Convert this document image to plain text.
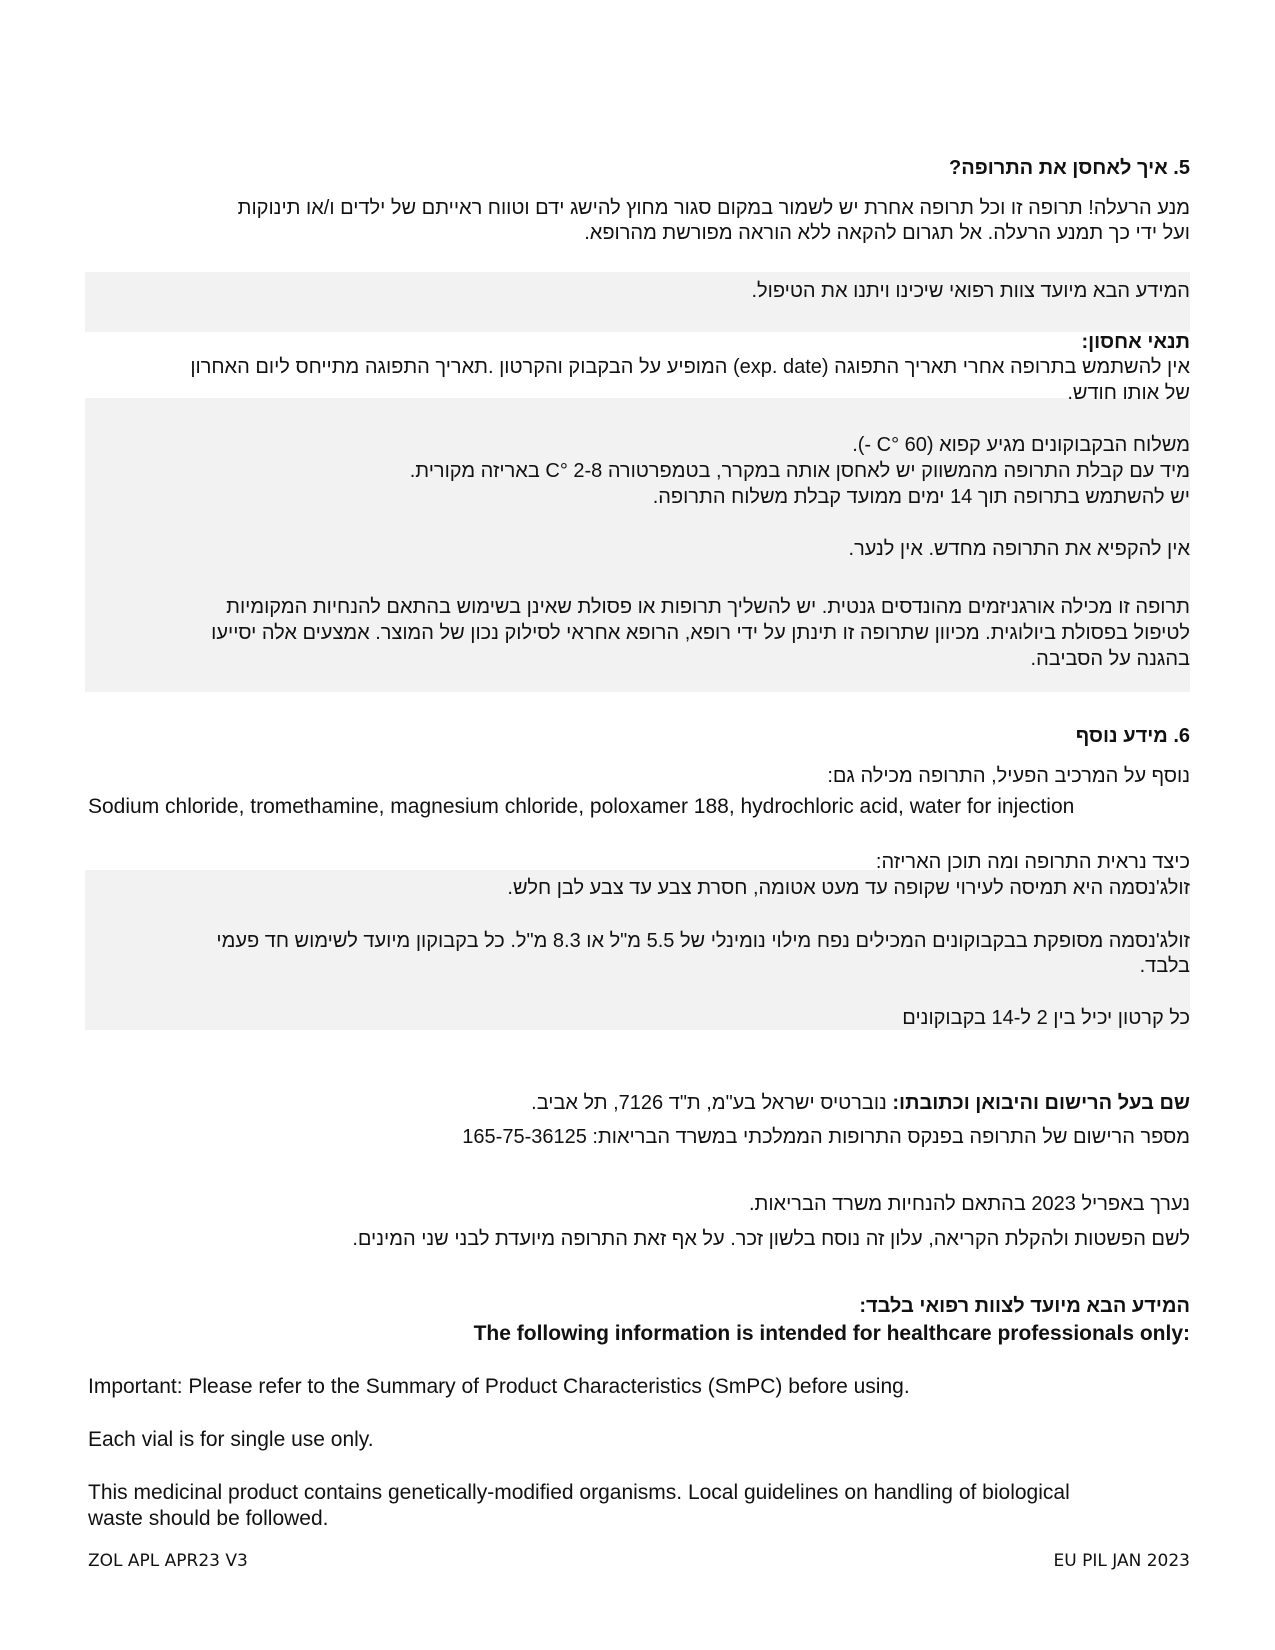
5. איך לאחסן את התרופה?
מנע הרעלה! תרופה זו וכל תרופה אחרת יש לשמור במקום סגור מחוץ להישג ידם וטווח ראייתם של ילדים ו/או תינוקות
ועל ידי כך תמנע הרעלה. אל תגרום להקאה ללא הוראה מפורשת מהרופא.
המידע הבא מיועד צוות רפואי שיכינו ויתנו את הטיפול.
תנאי אחסון:
אין להשתמש בתרופה אחרי תאריך התפוגה (exp. date) המופיע על הבקבוק והקרטון .תאריך התפוגה מתייחס ליום האחרון
של אותו חודש.
משלוח הבקבוקונים מגיע קפוא (C° 60 -).
מיד עם קבלת התרופה מהמשווק יש לאחסן אותה במקרר, בטמפרטורה C° 2-8 באריזה מקורית.
יש להשתמש בתרופה תוך 14 ימים ממועד קבלת משלוח התרופה.
אין להקפיא את התרופה מחדש. אין לנער.
תרופה זו מכילה אורגניזמים מהונדסים גנטית. יש להשליך תרופות או פסולת שאינן בשימוש בהתאם להנחיות המקומיות
לטיפול בפסולת ביולוגית. מכיוון שתרופה זו תינתן על ידי רופא, הרופא אחראי לסילוק נכון של המוצר. אמצעים אלה יסייעו
בהגנה על הסביבה.
6. מידע נוסף
נוסף על המרכיב הפעיל, התרופה מכילה גם:
Sodium chloride, tromethamine, magnesium chloride, poloxamer 188, hydrochloric acid, water for injection
כיצד נראית התרופה ומה תוכן האריזה:
זולג'נסמה היא תמיסה לעירוי שקופה עד מעט אטומה, חסרת צבע עד צבע לבן חלש.
זולג'נסמה מסופקת בבקבוקונים המכילים נפח מילוי נומינלי של 5.5 מ"ל או 8.3 מ"ל. כל בקבוקון מיועד לשימוש חד פעמי
בלבד.
כל קרטון יכיל בין 2 ל-14 בקבוקונים
שם בעל הרישום והיבואן וכתובתו: נוברטיס ישראל בע"מ, ת"ד 7126, תל אביב.
מספר הרישום של התרופה בפנקס התרופות הממלכתי במשרד הבריאות: 165-75-36125
נערך באפריל 2023 בהתאם להנחיות משרד הבריאות.
לשם הפשטות ולהקלת הקריאה, עלון זה נוסח בלשון זכר. על אף זאת התרופה מיועדת לבני שני המינים.
המידע הבא מיועד לצוות רפואי בלבד:
The following information is intended for healthcare professionals only:
Important: Please refer to the Summary of Product Characteristics (SmPC) before using.
Each vial is for single use only.
This medicinal product contains genetically-modified organisms. Local guidelines on handling of biological
waste should be followed.
ZOL APL APR23 V3	EU PIL JAN 2023
